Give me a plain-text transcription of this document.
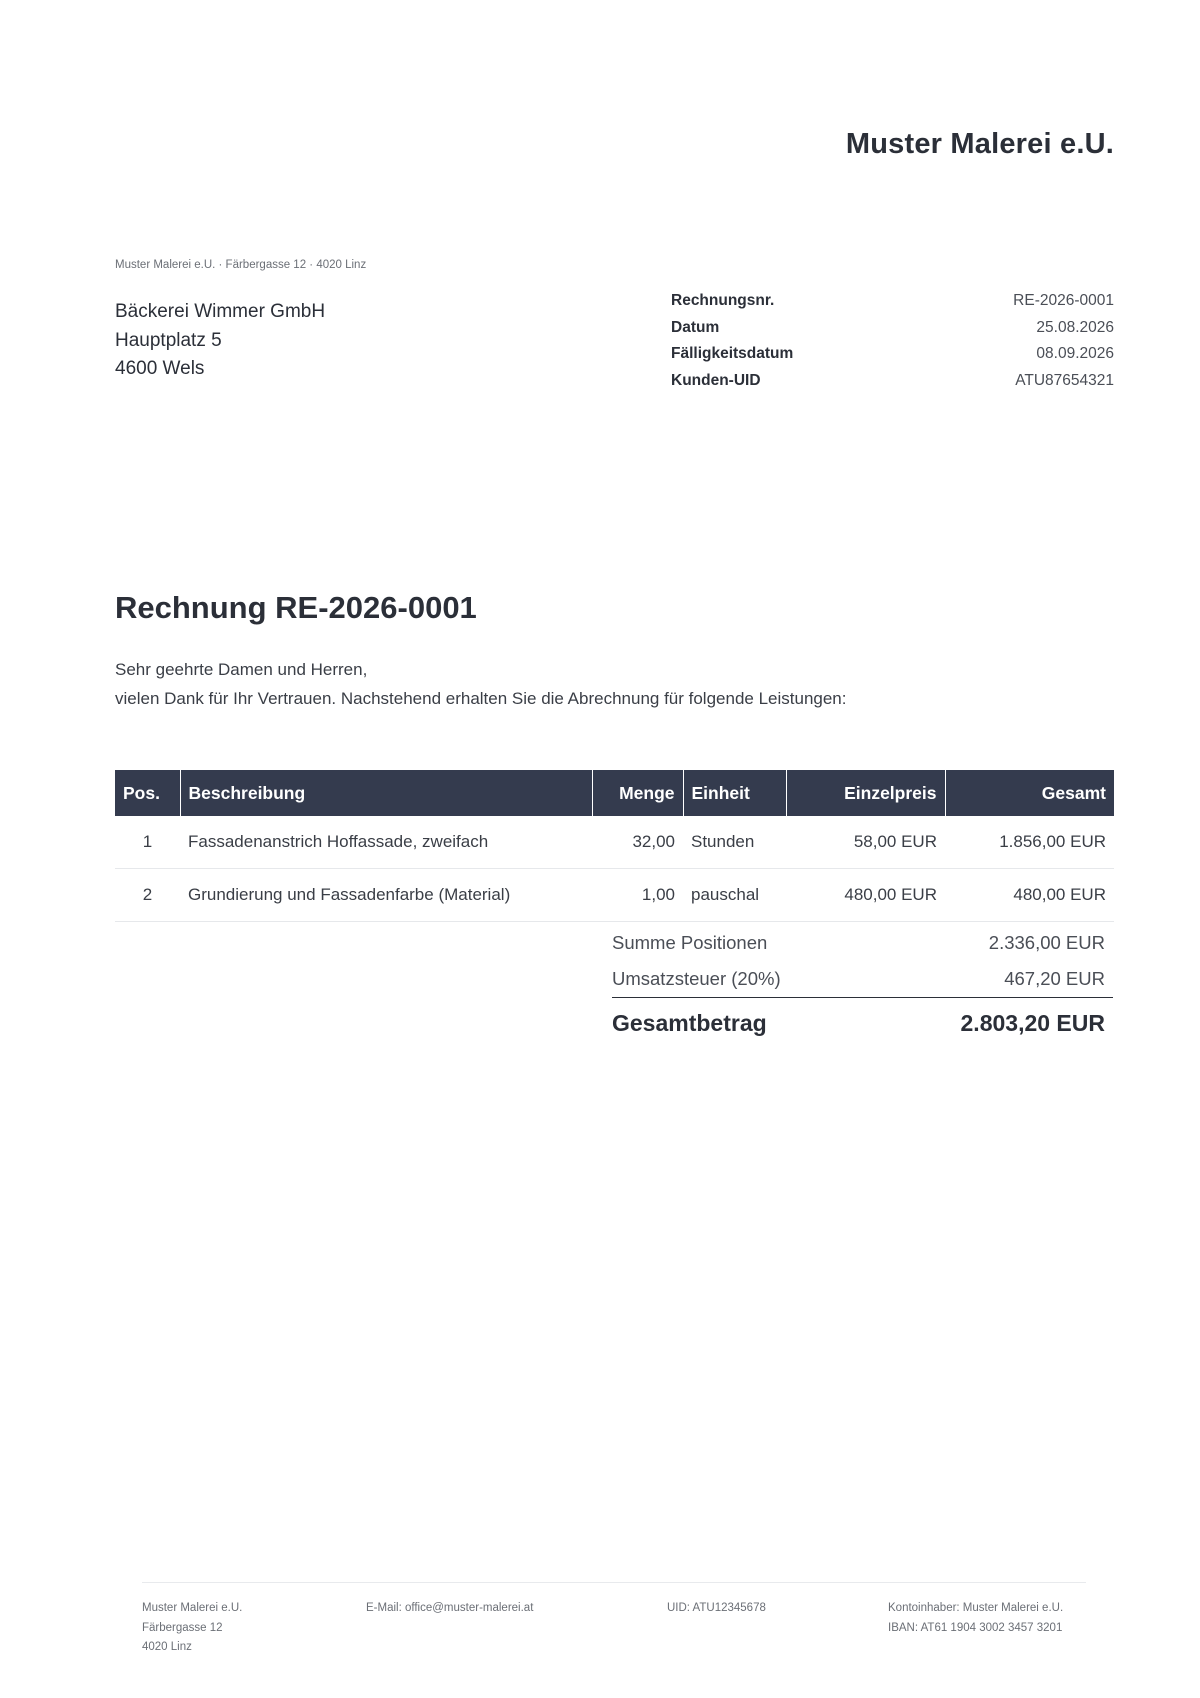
Muster Malerei e.U.
Muster Malerei e.U. · Färbergasse 12 · 4020 Linz
Bäckerei Wimmer GmbH
Hauptplatz 5
4600 Wels
Rechnungsnr.	RE-2026-0001
Datum	25.08.2026
Fälligkeitsdatum	08.09.2026
Kunden-UID	ATU87654321
Rechnung RE-2026-0001
Sehr geehrte Damen und Herren,
vielen Dank für Ihr Vertrauen. Nachstehend erhalten Sie die Abrechnung für folgende Leistungen:
Pos.	Beschreibung	Menge	Einheit	Einzelpreis	Gesamt
1	Fassadenanstrich Hoffassade, zweifach	32,00	Stunden	58,00 EUR	1.856,00 EUR
2	Grundierung und Fassadenfarbe (Material)	1,00	pauschal	480,00 EUR	480,00 EUR
Summe Positionen	2.336,00 EUR
Umsatzsteuer (20%)	467,20 EUR
Gesamtbetrag	2.803,20 EUR
Muster Malerei e.U.
Färbergasse 12
4020 Linz
E-Mail: office@muster-malerei.at	UID: ATU12345678	Kontoinhaber: Muster Malerei e.U.
IBAN: AT61 1904 3002 3457 3201
